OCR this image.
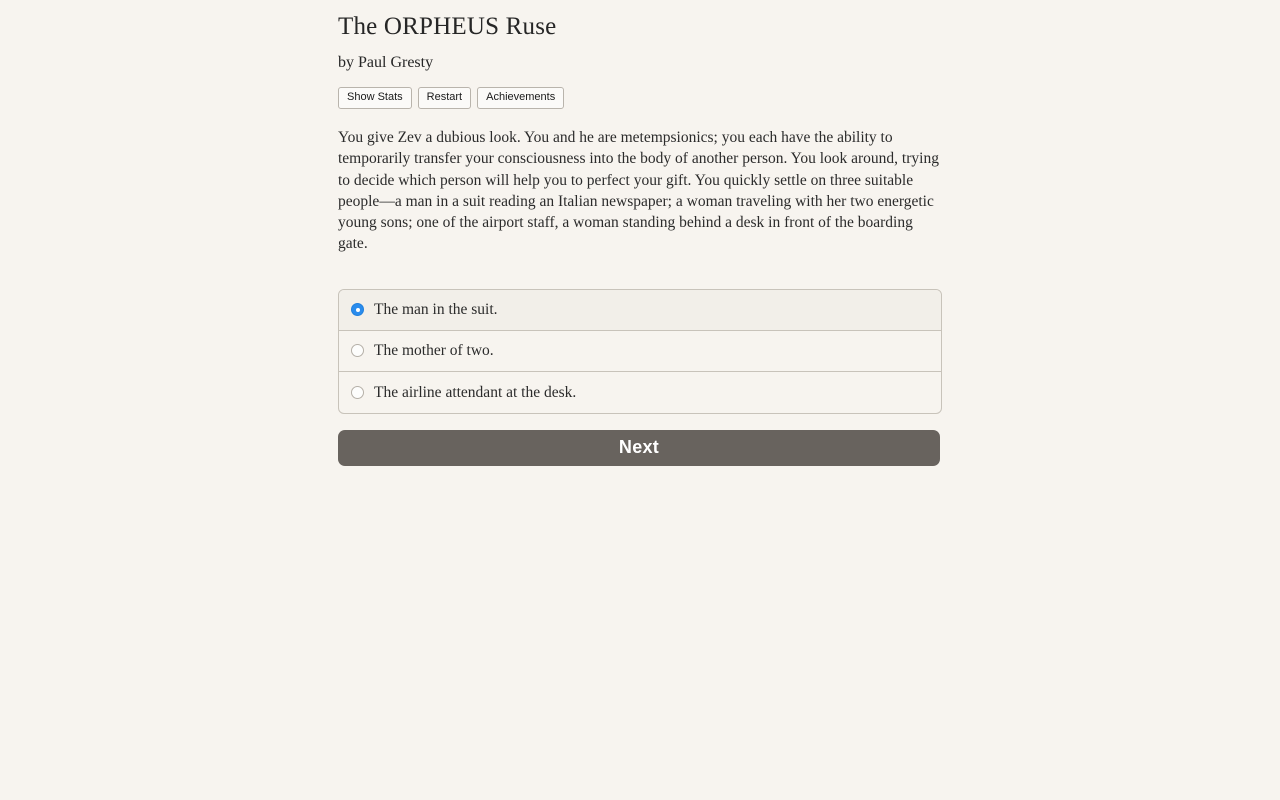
The ORPHEUS Ruse

by Paul Gresty

Show Stats	Restart	Achievements

You give Zev a dubious look. You and he are metempsionics; you each have the ability to temporarily transfer your consciousness into the body of another person. You look around, trying to decide which person will help you to perfect your gift. You quickly settle on three suitable people—a man in a suit reading an Italian newspaper; a woman traveling with her two energetic young sons; one of the airport staff, a woman standing behind a desk in front of the boarding gate.

The man in the suit.
The mother of two.
The airline attendant at the desk.
Next
